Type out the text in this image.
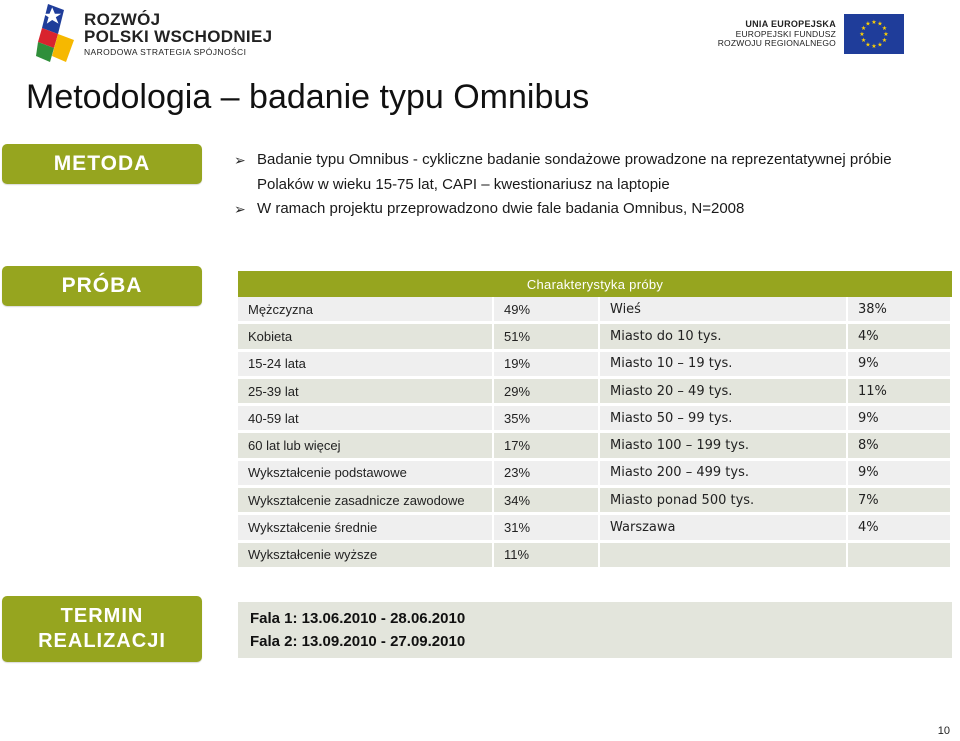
ROZWÓJ
POLSKI WSCHODNIEJ
NARODOWA STRATEGIA SPÓJNOŚCI
UNIA EUROPEJSKA
EUROPEJSKI FUNDUSZ
ROZWOJU REGIONALNEGO
★ ★
★
★
★
★
★
★
★
★
★
★
Metodologia – badanie typu Omnibus
METODA
PRÓBA
TERMIN
REALIZACJI
➢ Badanie typu Omnibus - cykliczne badanie sondażowe prowadzone na reprezentatywnej próbie Polaków w wieku 15-75 lat, CAPI – kwestionariusz na laptopie
➢ W ramach projektu przeprowadzono dwie fale badania Omnibus, N=2008
Charakterystyka próby			
Mężczyzna	49%	Wieś	38%
Kobieta	51%	Miasto do 10 tys.	4%
15-24 lata	19%	Miasto 10 – 19 tys.	9%
25-39 lat	29%	Miasto 20 – 49 tys.	11%
40-59 lat	35%	Miasto 50 – 99 tys.	9%
60 lat lub więcej	17%	Miasto 100 – 199 tys.	8%
Wykształcenie podstawowe	23%	Miasto 200 – 499 tys.	9%
Wykształcenie zasadnicze zawodowe	34%	Miasto ponad 500 tys.	7%
Wykształcenie średnie	31%	Warszawa	4%
Wykształcenie wyższe	11%		
Fala 1: 13.06.2010 - 28.06.2010
Fala 2: 13.09.2010 - 27.09.2010
10
